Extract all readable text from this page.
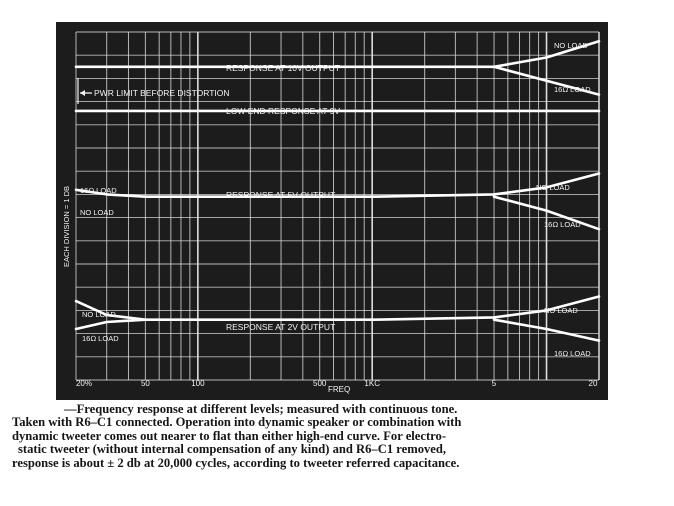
RESPONSE AT 10V OUTPUT
LOW END RESPONSE AT 9V
RESPONSE AT 5V OUTPUT
RESPONSE AT 2V OUTPUT
PWR LIMIT BEFORE DISTORTION
NO LOAD
16Ω LOAD
16Ω LOAD
NO LOAD
NO LOAD
16Ω LOAD
NO LOAD
16Ω LOAD
NO LOAD
16Ω LOAD
EACH DIVISION = 1 DB
FREQ
20%	50	100	500	1KC	5	20
—Frequency response at different levels; measured with continuous tone.
Taken with R6–C1 connected. Operation into dynamic speaker or combination with
dynamic tweeter comes out nearer to flat than either high-end curve. For electro-
static tweeter (without internal compensation of any kind) and R6–C1 removed,
response is about ± 2 db at 20,000 cycles, according to tweeter referred capacitance.
